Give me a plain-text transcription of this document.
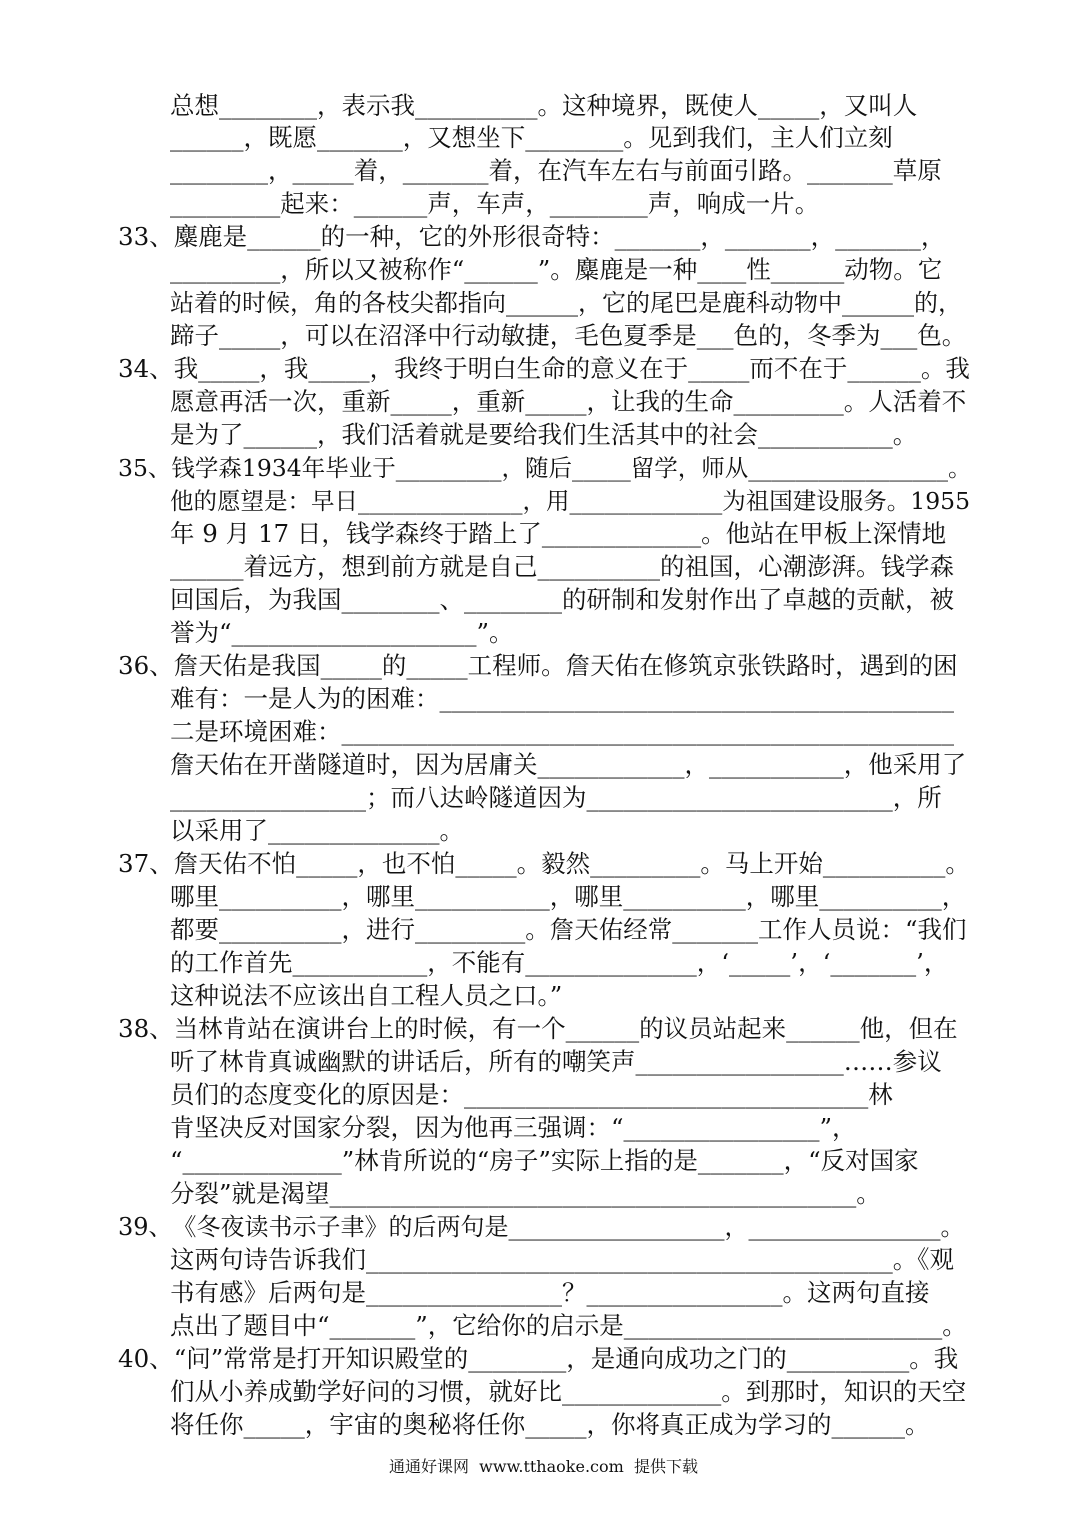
总想________，表示我__________。这种境界，既使人_____，又叫人
______，既愿_______，又想坐下________。见到我们，主人们立刻
________，_____着，_______着，在汽车左右与前面引路。_______草原
_________起来：______声，车声，________声，响成一片。
33、麋鹿是______的一种，它的外形很奇特：_______，_______，_______，
_________，所以又被称作“______”。麋鹿是一种____性______动物。它
站着的时候，角的各枝尖都指向______，它的尾巴是鹿科动物中______的，
蹄子_____，可以在沼泽中行动敏捷，毛色夏季是___色的，冬季为___色。
34、我_____，我_____，我终于明白生命的意义在于_____而不在于______。我
愿意再活一次，重新_____，重新_____，让我的生命_________。人活着不
是为了______，我们活着就是要给我们生活其中的社会___________。
35、钱学森1934年毕业于_________，随后_____留学，师从_________________。
他的愿望是：早日______________，用_____________为祖国建设服务。1955
年 9 月 17 日，钱学森终于踏上了_____________。他站在甲板上深情地
______着远方，想到前方就是自己__________的祖国，心潮澎湃。钱学森
回国后，为我国________、________的研制和发射作出了卓越的贡献，被
誉为“____________________”。
36、詹天佑是我国_____的_____工程师。詹天佑在修筑京张铁路时，遇到的困
难有：一是人为的困难：__________________________________________
二是环境困难：__________________________________________________
詹天佑在开凿隧道时，因为居庸关____________，___________，他采用了
________________；而八达岭隧道因为_________________________，所
以采用了______________。
37、詹天佑不怕_____，也不怕_____。毅然_________。马上开始__________。
哪里__________，哪里___________，哪里__________，哪里__________，
都要__________，进行_________。詹天佑经常_______工作人员说：“我们
的工作首先___________，不能有______________，‘_____’，‘_______’，
这种说法不应该出自工程人员之口。”
38、当林肯站在演讲台上的时候，有一个______的议员站起来______他，但在
听了林肯真诚幽默的讲话后，所有的嘲笑声_________________……参议
员们的态度变化的原因是：_________________________________林
肯坚决反对国家分裂，因为他再三强调：“________________”，
“_____________”林肯所说的“房子”实际上指的是_______，“反对国家
分裂”就是渴望___________________________________________。
39、《冬夜读书示子聿》的后两句是__________________，________________。
这两句诗告诉我们___________________________________________。《观
书有感》后两句是________________？________________。这两句直接
点出了题目中“_______”，它给你的启示是__________________________。
40、“问”常常是打开知识殿堂的________，是通向成功之门的__________。我
们从小养成勤学好问的习惯，就好比_____________。到那时，知识的天空
将任你_____，宇宙的奥秘将任你_____，你将真正成为学习的______。
通通好课网  www.tthaoke.com  提供下载
